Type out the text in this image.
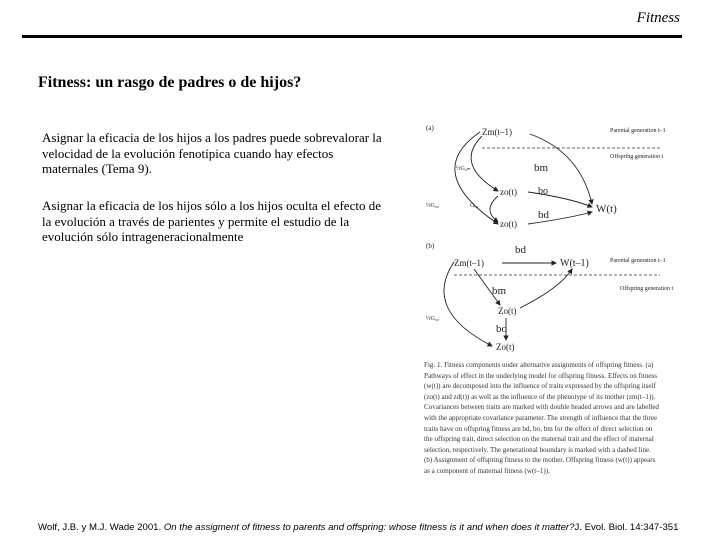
Fitness
Fitness: un rasgo de padres o de hijos?
Asignar la eficacia de los hijos a los padres puede sobrevalorar la velocidad de la evolución fenotípica cuando hay efectos maternales (Tema 9).
Asignar la eficacia de los hijos sólo a los hijos oculta el efecto de la evolución a través de parientes y permite el estudio de la evolución sólo intrageneracionalmente
(a)	Zm(t–1)	Parental generation t–1
Offspring generation t
½G₀ₘ	bm
zo(t) bo
G₀₀
½G₀₀
bd	W(t)
zo(t)
(b)	bd
Zm(t–1)	W(t–1)	Parental generation t–1
Offspring generation t
bm
Zo(t)
bo
½G₀₀
Zo(t)
Fig. 1. Fitness components under alternative assignments of offspring fitness. (a) Pathways of effect in the underlying model for offspring fitness. Effects on fitness (w(t)) are decomposed into the influence of traits expressed by the offspring itself (zo(t) and zd(t)) as well as the influence of the phenotype of its mother (zm(t–1)). Covariances between traits are marked with double headed arrows and are labelled with the appropriate covariance parameter. The strength of influence that the three traits have on offspring fitness are bd, bo, bm for the effect of direct selection on the offspring trait, direct selection on the maternal trait and the effect of maternal selection, respectively. The generational boundary is marked with a dashed line. (b) Assignment of offspring fitness to the mother. Offspring fitness (w(t)) appears as a component of maternal fitness (w(t–1)).
Wolf, J.B. y M.J. Wade 2001. On the assigment of fitness to parents and offspring: whose fitness is it and when does it matter?J. Evol. Biol. 14:347-351
